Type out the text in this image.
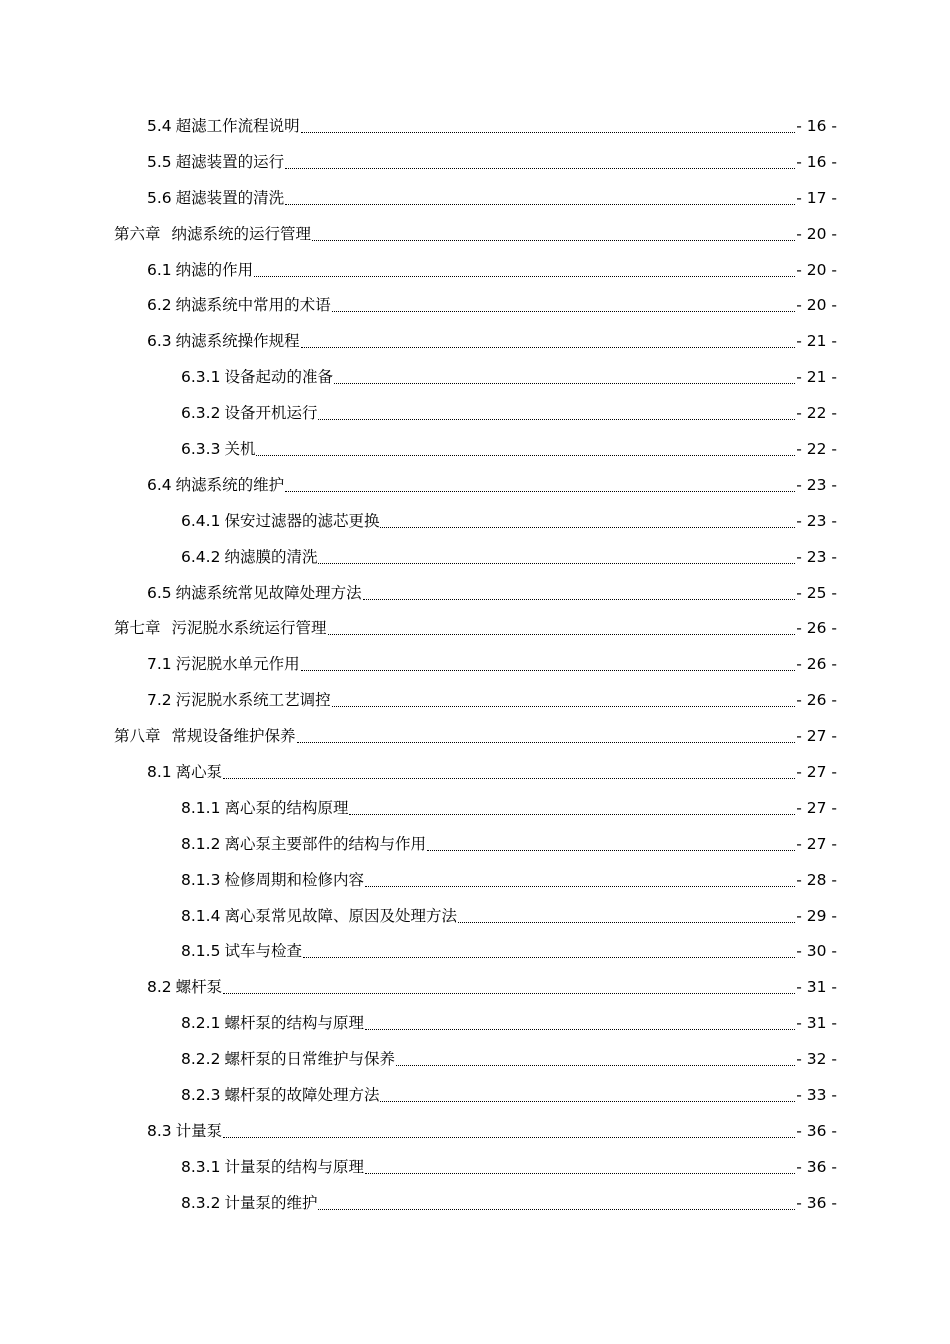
5.4 超滤工作流程说明	- 16 -
5.5 超滤装置的运行	- 16 -
5.6 超滤装置的清洗	- 17 -
第六章 纳滤系统的运行管理	- 20 -
6.1 纳滤的作用	- 20 -
6.2 纳滤系统中常用的术语	- 20 -
6.3 纳滤系统操作规程	- 21 -
6.3.1 设备起动的准备	- 21 -
6.3.2 设备开机运行	- 22 -
6.3.3 关机	- 22 -
6.4 纳滤系统的维护	- 23 -
6.4.1 保安过滤器的滤芯更换	- 23 -
6.4.2 纳滤膜的清洗	- 23 -
6.5 纳滤系统常见故障处理方法	- 25 -
第七章 污泥脱水系统运行管理	- 26 -
7.1 污泥脱水单元作用	- 26 -
7.2 污泥脱水系统工艺调控	- 26 -
第八章 常规设备维护保养	- 27 -
8.1 离心泵	- 27 -
8.1.1 离心泵的结构原理	- 27 -
8.1.2 离心泵主要部件的结构与作用	- 27 -
8.1.3 检修周期和检修内容	- 28 -
8.1.4 离心泵常见故障、原因及处理方法	- 29 -
8.1.5 试车与检查	- 30 -
8.2 螺杆泵	- 31 -
8.2.1 螺杆泵的结构与原理	- 31 -
8.2.2 螺杆泵的日常维护与保养	- 32 -
8.2.3 螺杆泵的故障处理方法	- 33 -
8.3 计量泵	- 36 -
8.3.1 计量泵的结构与原理	- 36 -
8.3.2 计量泵的维护	- 36 -
